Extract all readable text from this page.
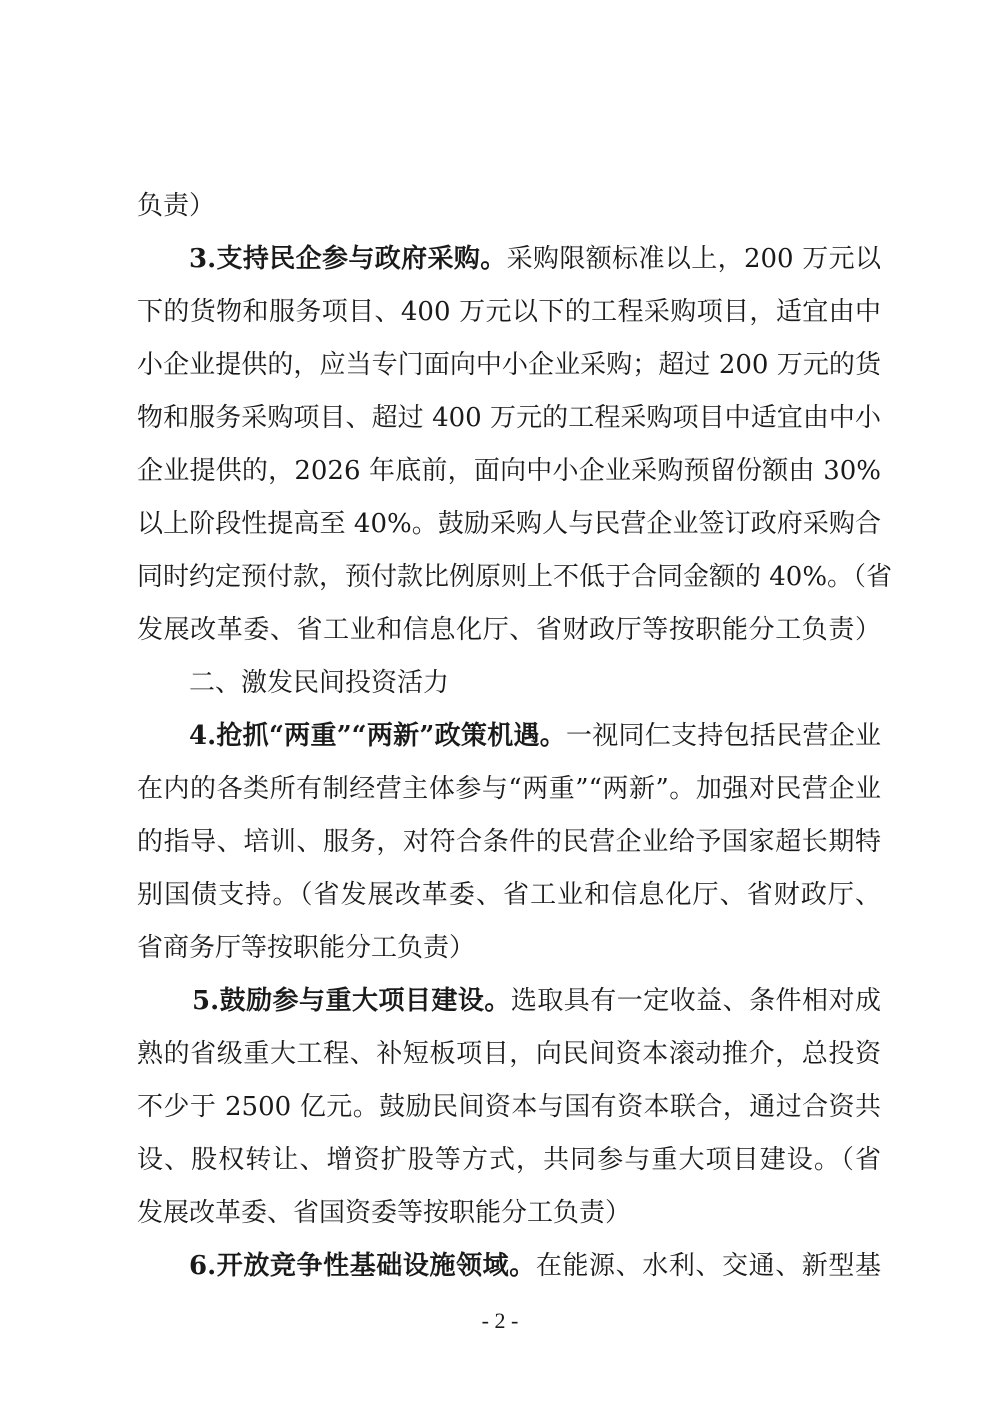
负责）
3.支持民企参与政府采购。采购限额标准以上，200 万元以
下的货物和服务项目、400 万元以下的工程采购项目，适宜由中
小企业提供的，应当专门面向中小企业采购；超过 200 万元的货
物和服务采购项目、超过 400 万元的工程采购项目中适宜由中小
企业提供的，2026 年底前，面向中小企业采购预留份额由 30%
以上阶段性提高至 40%。鼓励采购人与民营企业签订政府采购合
同时约定预付款，预付款比例原则上不低于合同金额的 40%。（省
发展改革委、省工业和信息化厅、省财政厅等按职能分工负责）
二、激发民间投资活力
4.抢抓“两重”“两新”政策机遇。一视同仁支持包括民营企业
在内的各类所有制经营主体参与“两重”“两新”。加强对民营企业
的指导、培训、服务，对符合条件的民营企业给予国家超长期特
别国债支持。（省发展改革委、省工业和信息化厅、省财政厅、
省商务厅等按职能分工负责）
5.鼓励参与重大项目建设。选取具有一定收益、条件相对成
熟的省级重大工程、补短板项目，向民间资本滚动推介，总投资
不少于 2500 亿元。鼓励民间资本与国有资本联合，通过合资共
设、股权转让、增资扩股等方式，共同参与重大项目建设。（省
发展改革委、省国资委等按职能分工负责）
6.开放竞争性基础设施领域。在能源、水利、交通、新型基
- 2 -
